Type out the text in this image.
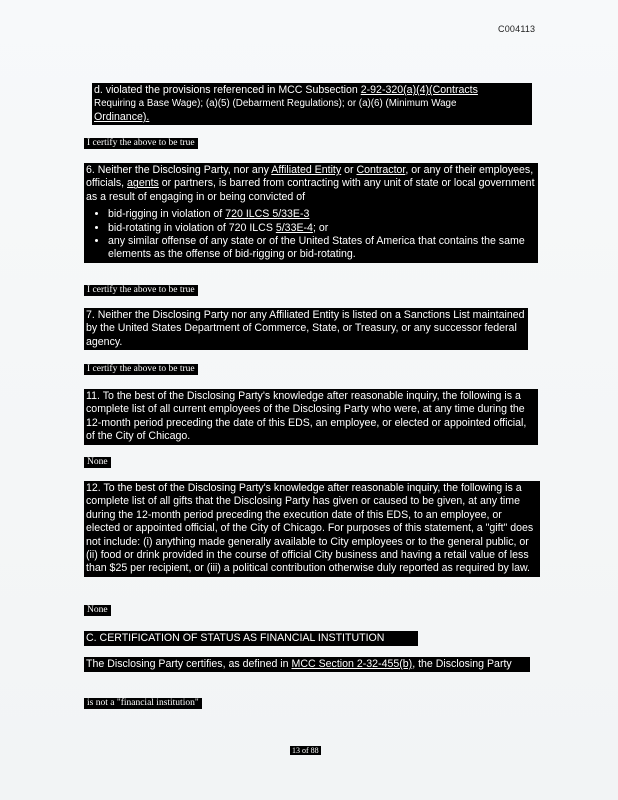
C004113

d. violated the provisions referenced in MCC Subsection 2-92-320(a)(4)(Contracts

Requiring a Base Wage); (a)(5) (Debarment Regulations); or (a)(6) (Minimum Wage

Ordinance).

I certify the above to be true

6. Neither the Disclosing Party, nor any Affiliated Entity or Contractor, or any of their employees, officials, agents or partners, is barred from contracting with any unit of state or local government as a result of engaging in or being convicted of

• bid-rigging in violation of 720 ILCS 5/33E-3
• bid-rotating in violation of 720 ILCS 5/33E-4; or
• any similar offense of any state or of the United States of America that contains the same elements as the offense of bid-rigging or bid-rotating.
I certify the above to be true

7. Neither the Disclosing Party nor any Affiliated Entity is listed on a Sanctions List maintained by the United States Department of Commerce, State, or Treasury, or any successor federal agency.

I certify the above to be true

11. To the best of the Disclosing Party's knowledge after reasonable inquiry, the following is a complete list of all current employees of the Disclosing Party who were, at any time during the 12-month period preceding the date of this EDS, an employee, or elected or appointed official, of the City of Chicago.

None

12. To the best of the Disclosing Party's knowledge after reasonable inquiry, the following is a complete list of all gifts that the Disclosing Party has given or caused to be given, at any time during the 12-month period preceding the execution date of this EDS, to an employee, or elected or appointed official, of the City of Chicago. For purposes of this statement, a "gift" does not include: (i) anything made generally available to City employees or to the general public, or (ii) food or drink provided in the course of official City business and having a retail value of less than $25 per recipient, or (iii) a political contribution otherwise duly reported as required by law.

None
C. CERTIFICATION OF STATUS AS FINANCIAL INSTITUTION

The Disclosing Party certifies, as defined in MCC Section 2-32-455(b), the Disclosing Party

is not a "financial institution"
13 of 88
